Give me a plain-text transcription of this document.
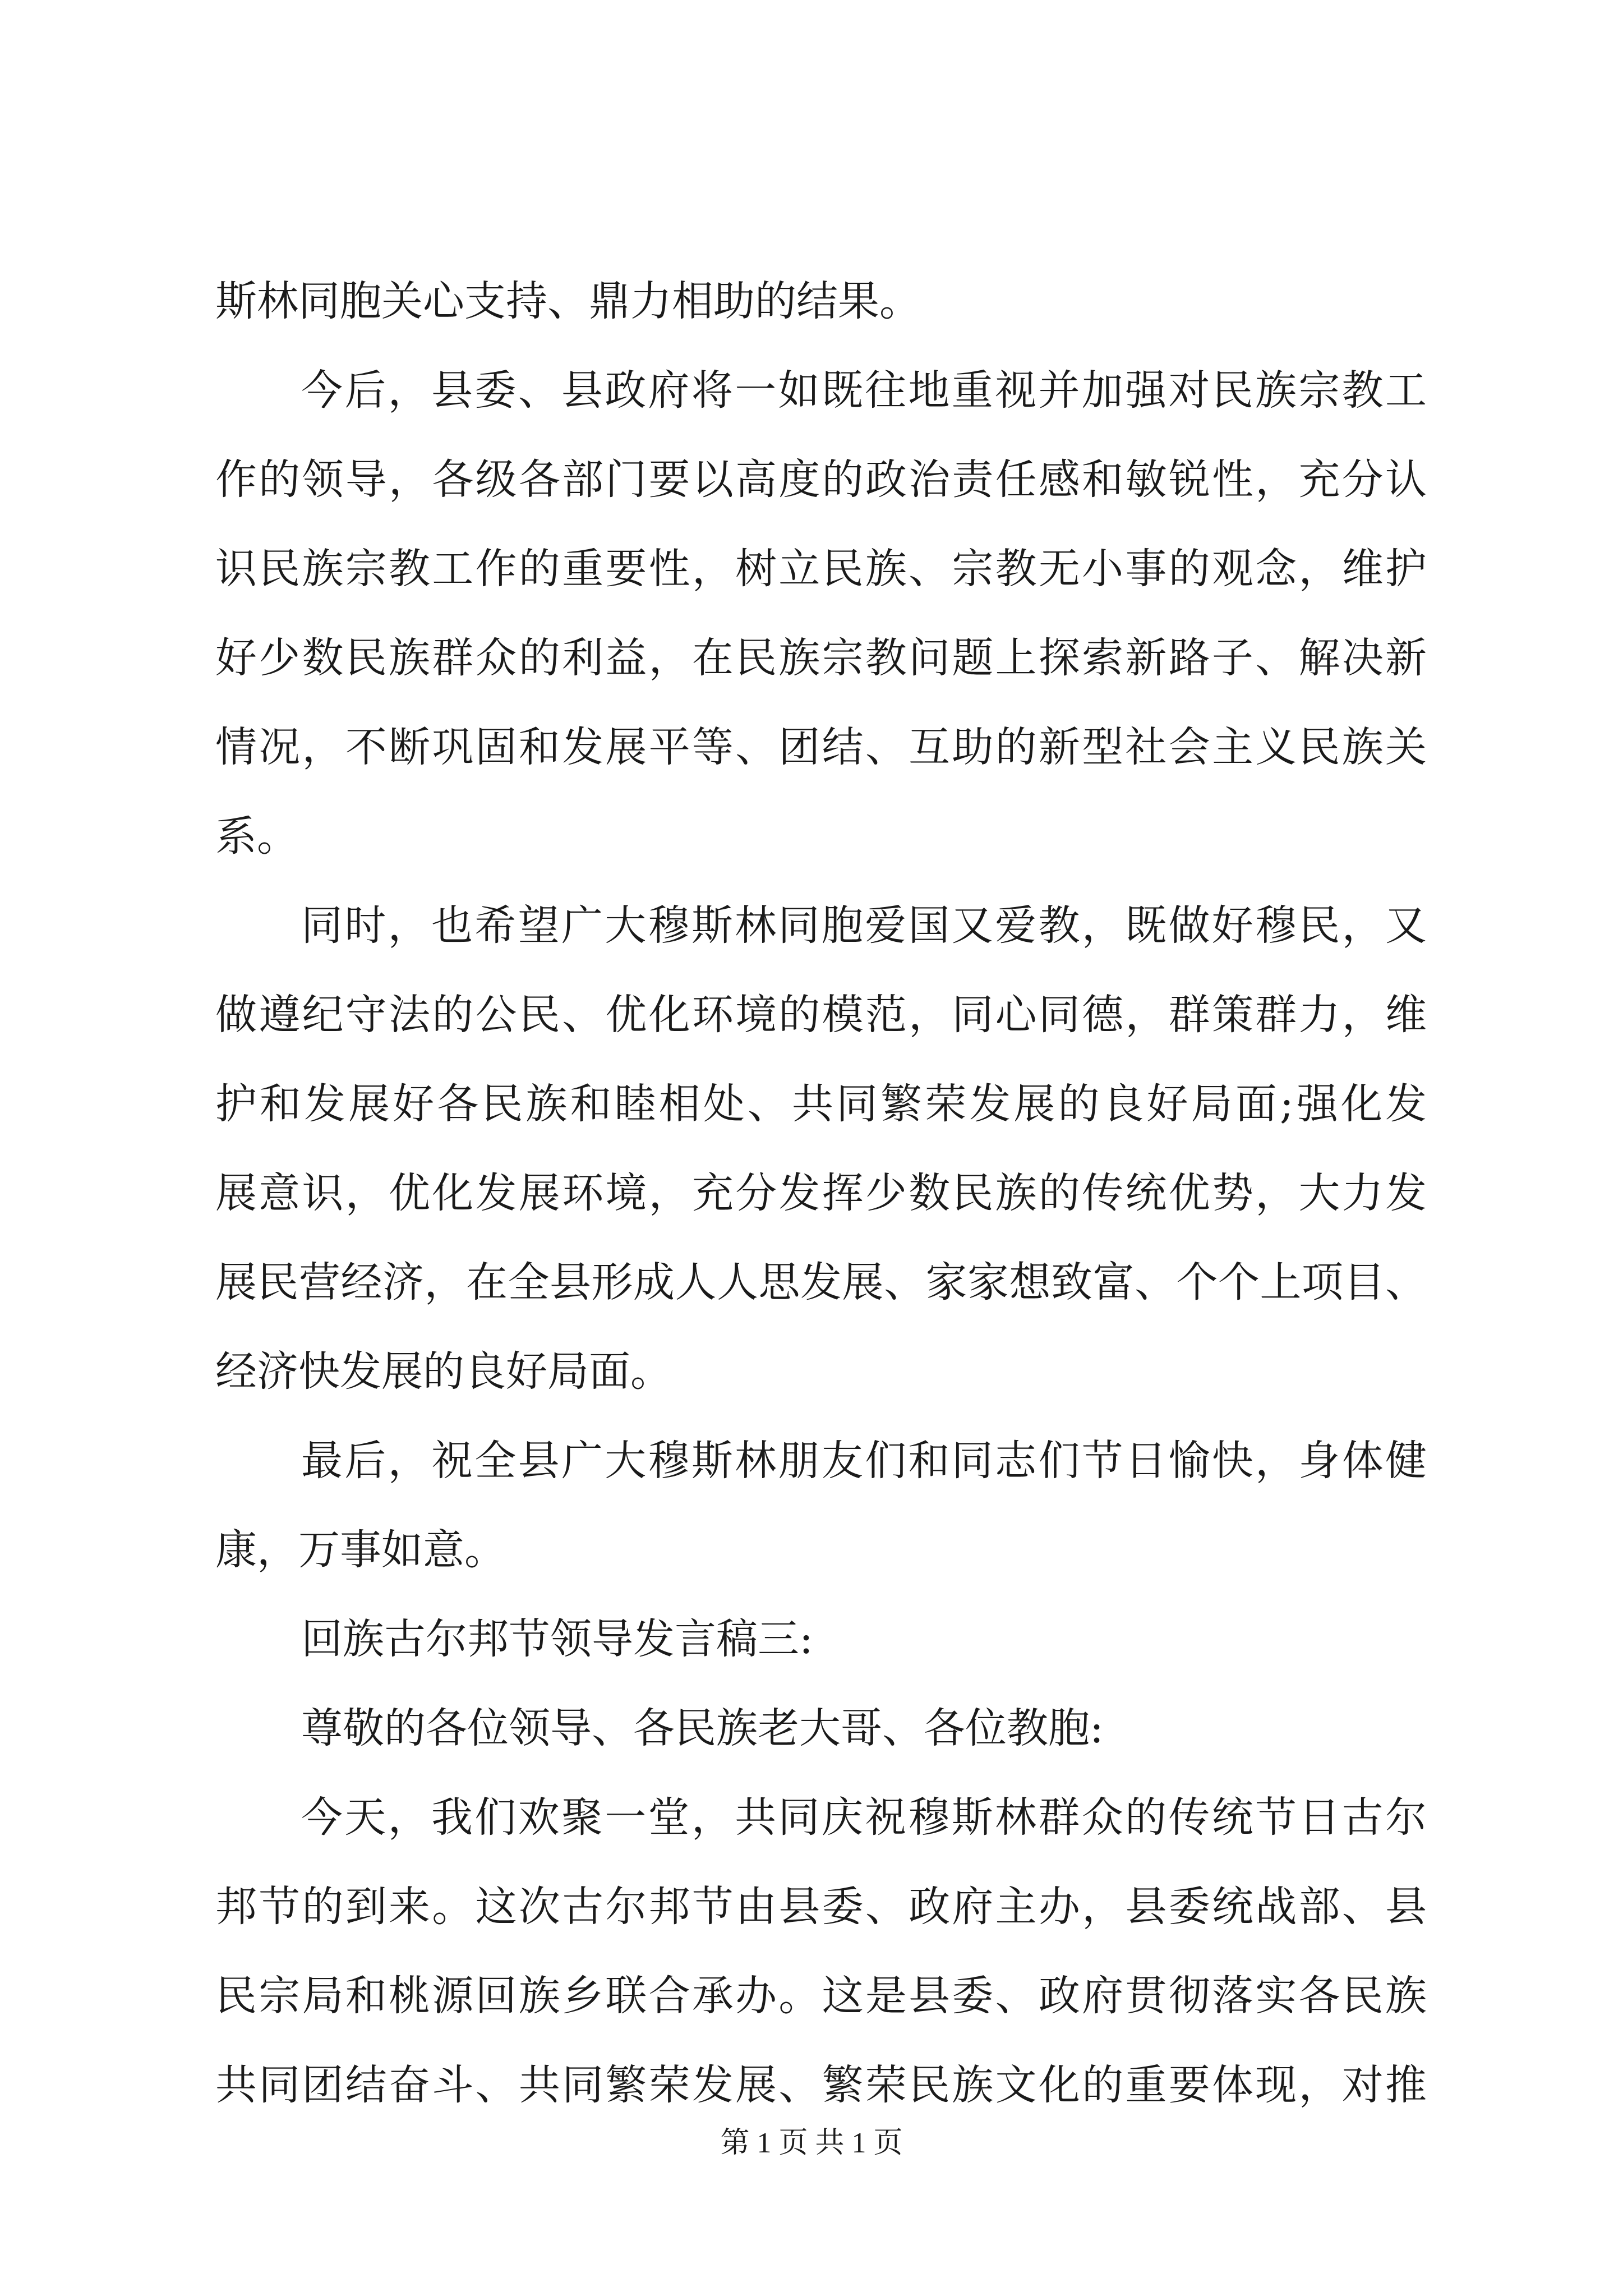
斯林同胞关心支持、鼎力相助的结果。
今后，县委、县政府将一如既往地重视并加强对民族宗教工
作的领导，各级各部门要以高度的政治责任感和敏锐性，充分认
识民族宗教工作的重要性，树立民族、宗教无小事的观念，维护
好少数民族群众的利益，在民族宗教问题上探索新路子、解决新
情况，不断巩固和发展平等、团结、互助的新型社会主义民族关
系。
同时，也希望广大穆斯林同胞爱国又爱教，既做好穆民，又
做遵纪守法的公民、优化环境的模范，同心同德，群策群力，维
护和发展好各民族和睦相处、共同繁荣发展的良好局面;强化发
展意识，优化发展环境，充分发挥少数民族的传统优势，大力发
展民营经济，在全县形成人人思发展、家家想致富、个个上项目、
经济快发展的良好局面。
最后，祝全县广大穆斯林朋友们和同志们节日愉快，身体健
康，万事如意。
回族古尔邦节领导发言稿三:
尊敬的各位领导、各民族老大哥、各位教胞:
今天，我们欢聚一堂，共同庆祝穆斯林群众的传统节日古尔
邦节的到来。这次古尔邦节由县委、政府主办，县委统战部、县
民宗局和桃源回族乡联合承办。这是县委、政府贯彻落实各民族
共同团结奋斗、共同繁荣发展、繁荣民族文化的重要体现，对推
第 1 页 共 1 页
